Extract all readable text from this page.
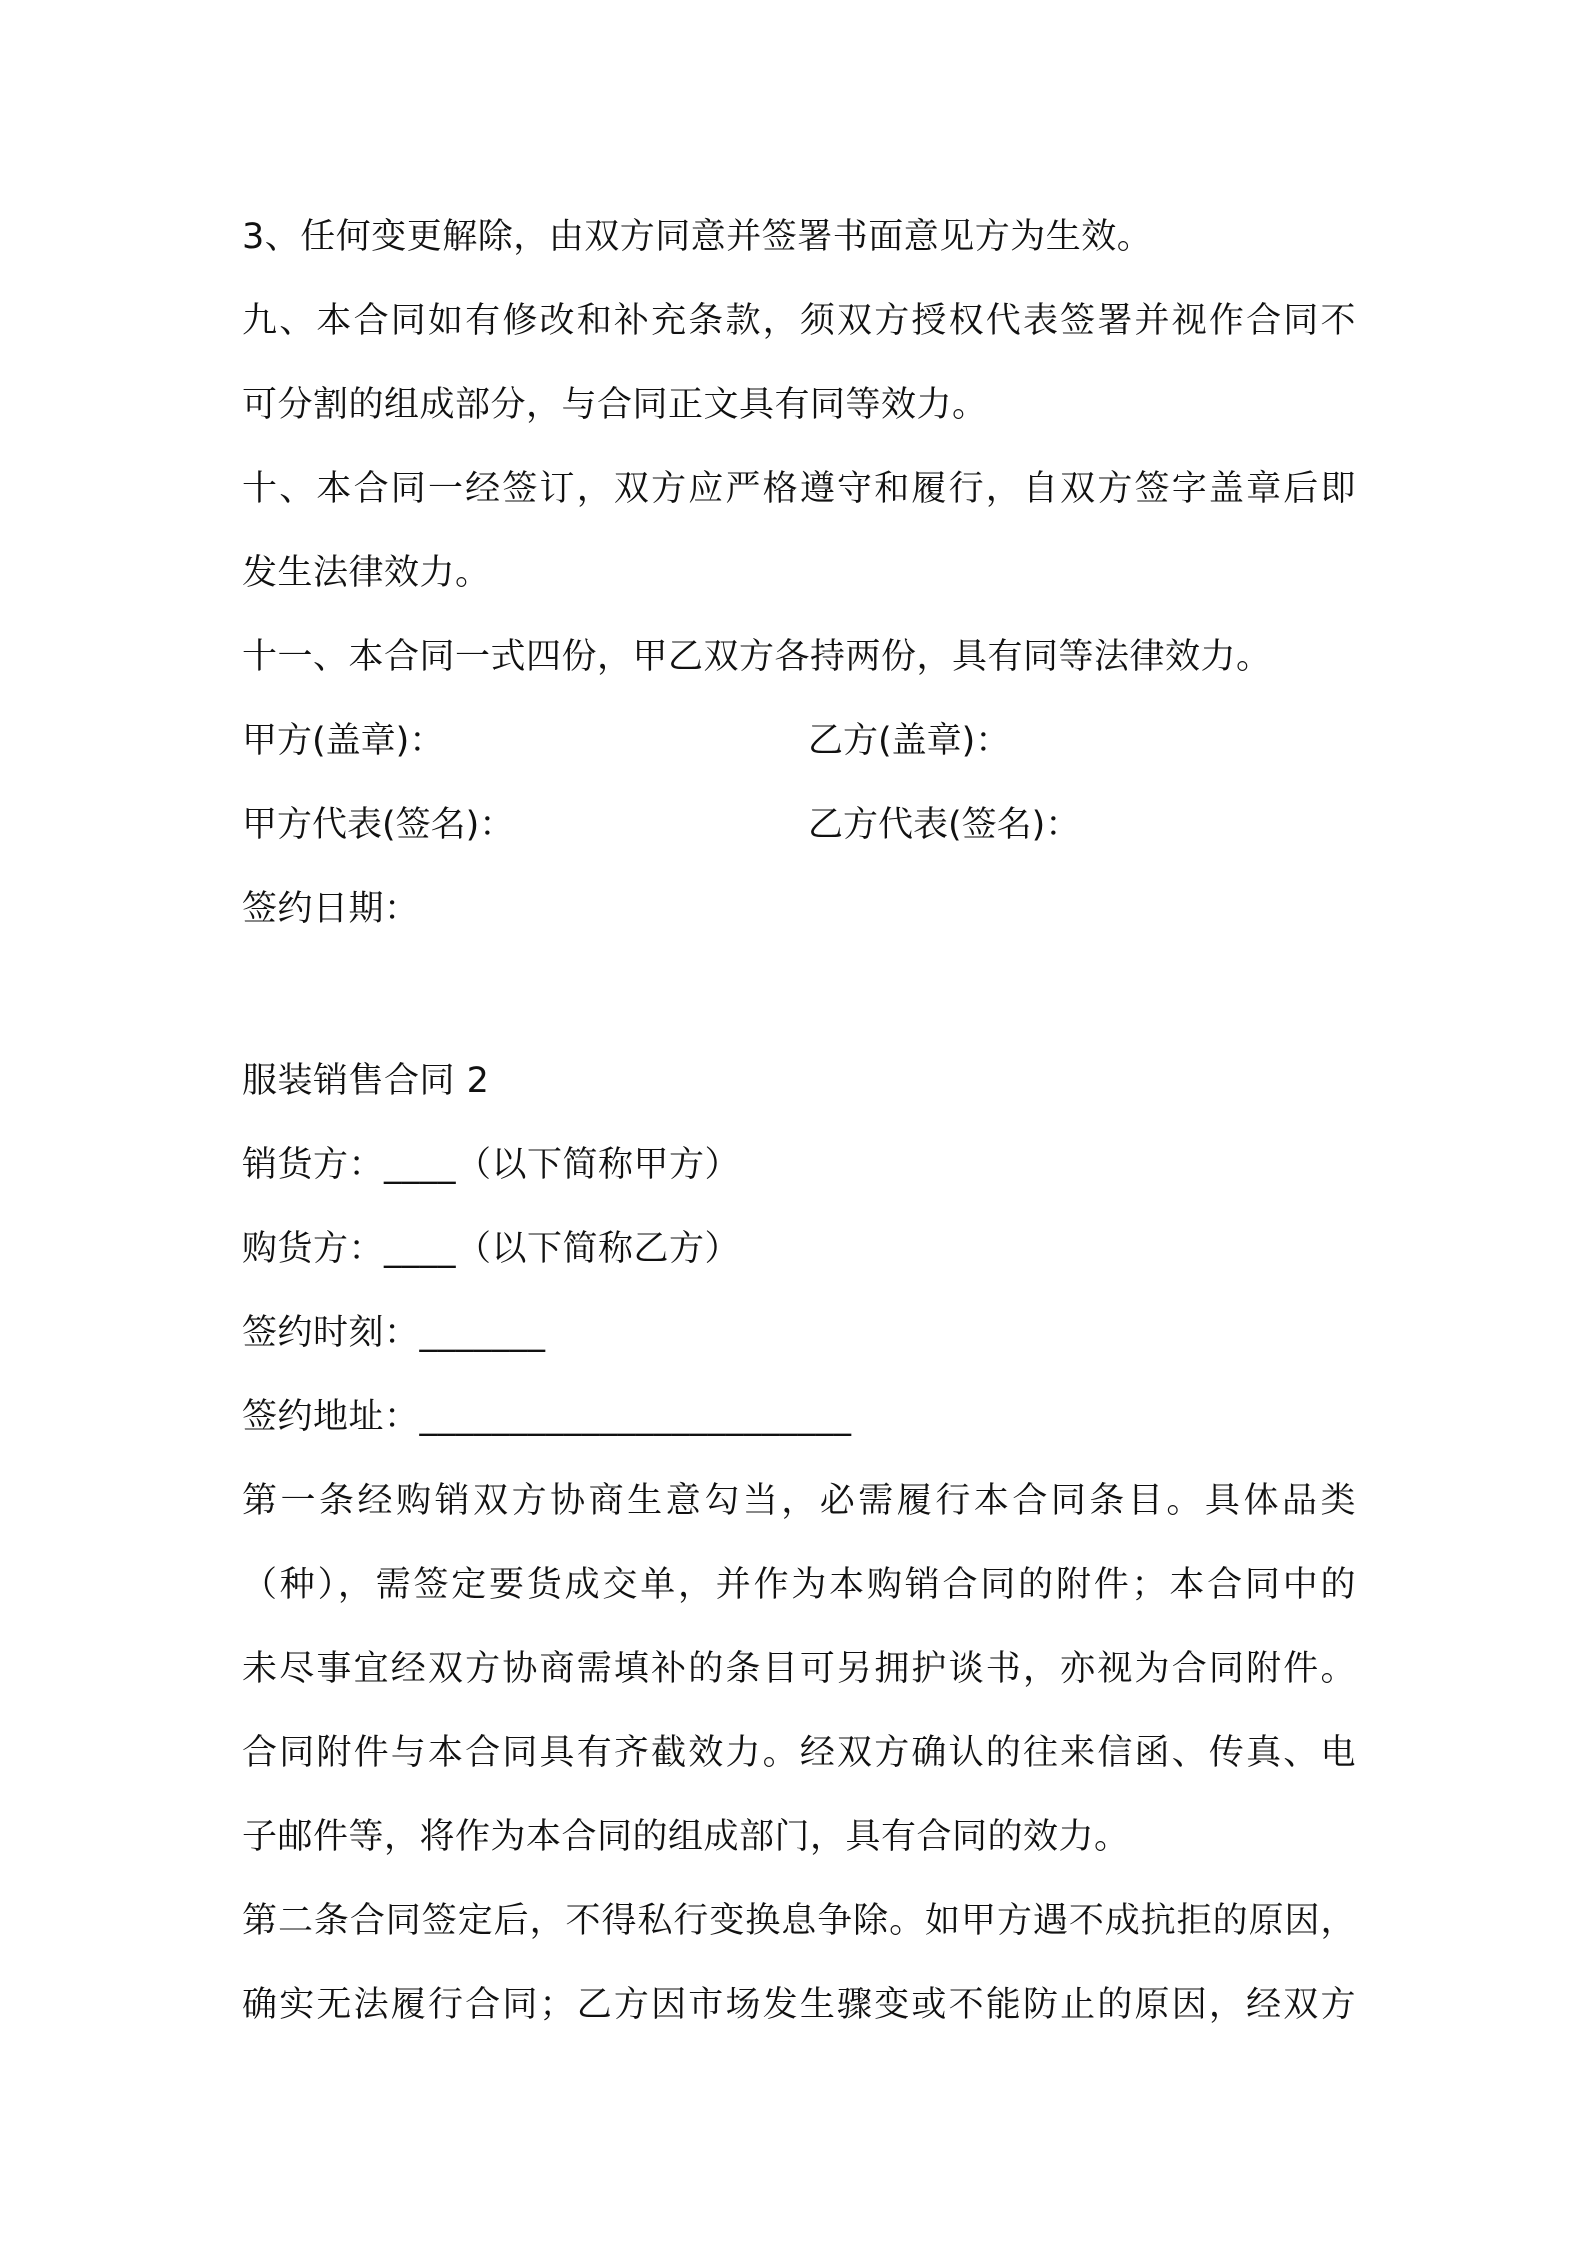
3、任何变更解除，由双方同意并签署书面意见方为生效。
九、本合同如有修改和补充条款，须双方授权代表签署并视作合同不
可分割的组成部分，与合同正文具有同等效力。
十、本合同一经签订，双方应严格遵守和履行，自双方签字盖章后即
发生法律效力。
十一、本合同一式四份，甲乙双方各持两份，具有同等法律效力。
甲方(盖章)：	乙方(盖章)：
甲方代表(签名)：	乙方代表(签名)：
签约日期：
服装销售合同 2
销货方：____（以下简称甲方）
购货方：____（以下简称乙方）
签约时刻：_______
签约地址：________________________
第一条经购销双方协商生意勾当，必需履行本合同条目。具体品类
（种），需签定要货成交单，并作为本购销合同的附件；本合同中的
未尽事宜经双方协商需填补的条目可另拥护谈书，亦视为合同附件。
合同附件与本合同具有齐截效力。经双方确认的往来信函、传真、电
子邮件等，将作为本合同的组成部门，具有合同的效力。
第二条合同签定后，不得私行变换息争除。如甲方遇不成抗拒的原因，
确实无法履行合同；乙方因市场发生骤变或不能防止的原因，经双方
